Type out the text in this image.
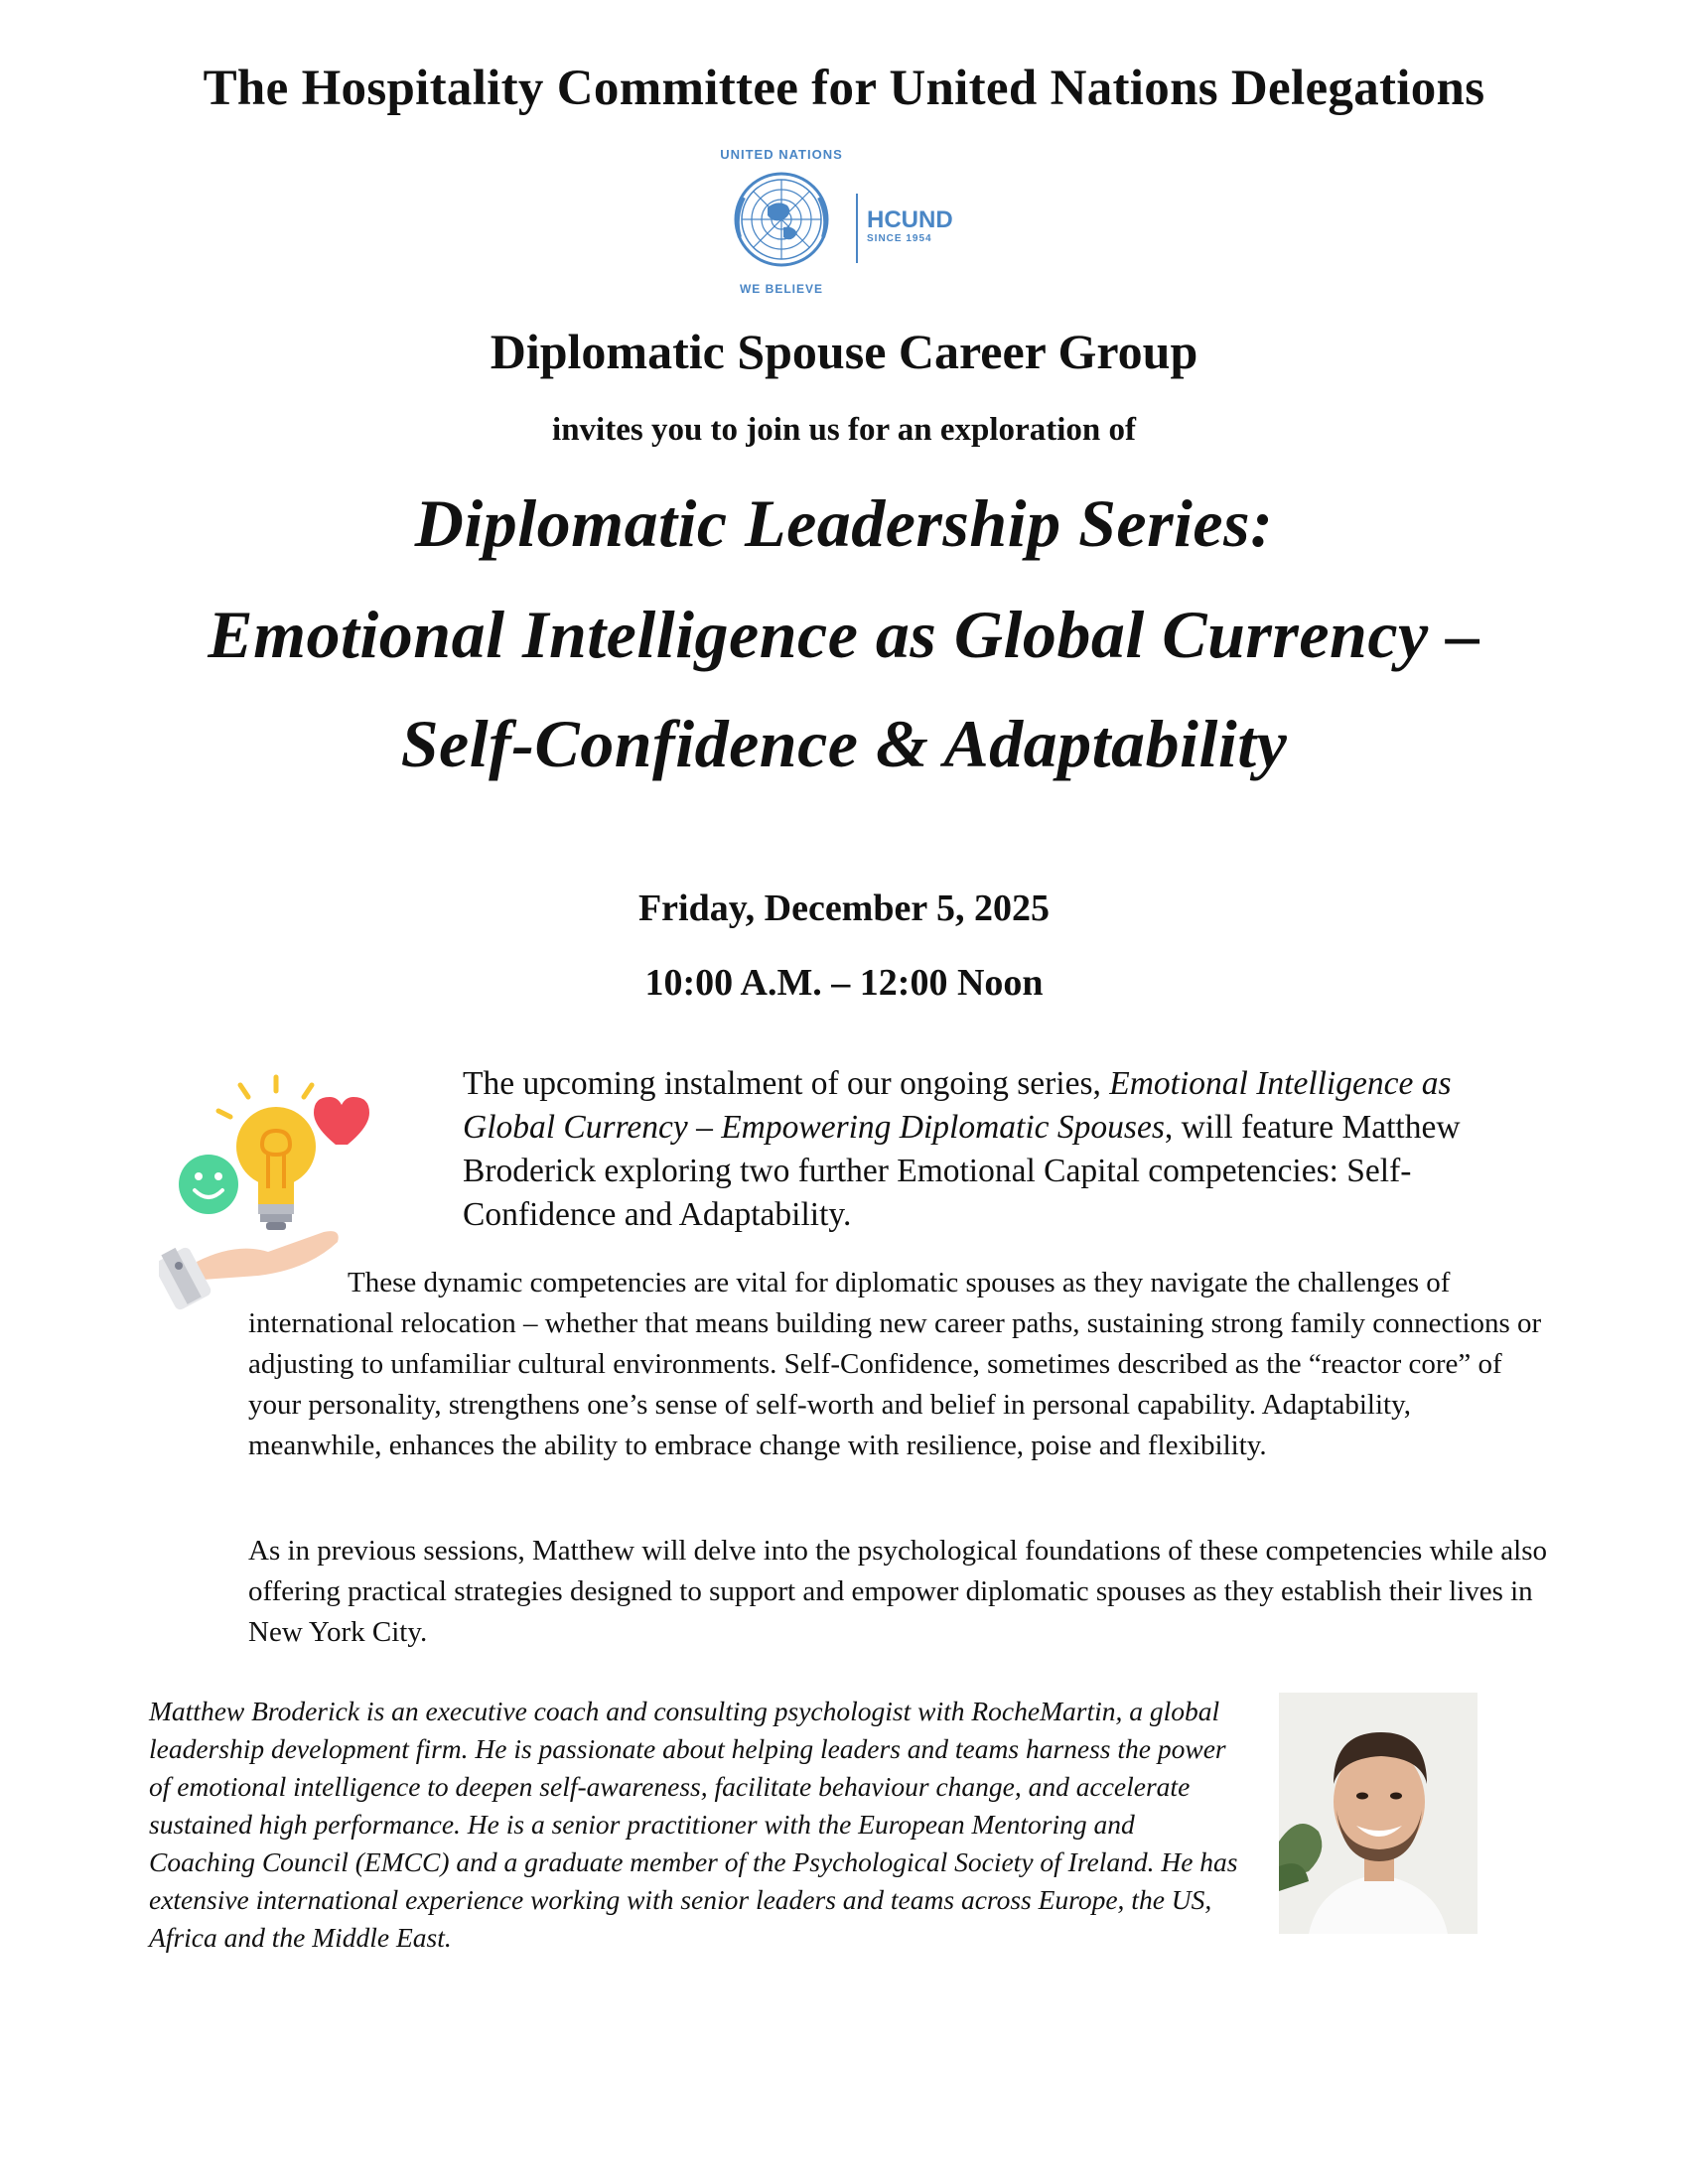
The Hospitality Committee for United Nations Delegations
UNITED NATIONS
WE BELIEVE
HCUND
SINCE 1954
Diplomatic Spouse Career Group
invites you to join us for an exploration of
Diplomatic Leadership Series:
Emotional Intelligence as Global Currency –
Self-Confidence & Adaptability
Friday, December 5, 2025
10:00 A.M. – 12:00 Noon
The upcoming instalment of our ongoing series, Emotional Intelligence as Global Currency – Empowering Diplomatic Spouses, will feature Matthew Broderick exploring two further Emotional Capital competencies: Self-Confidence and Adaptability.
These dynamic competencies are vital for diplomatic spouses as they navigate the challenges of international relocation – whether that means building new career paths, sustaining strong family connections or adjusting to unfamiliar cultural environments. Self-Confidence, sometimes described as the “reactor core” of your personality, strengthens one’s sense of self-worth and belief in personal capability. Adaptability, meanwhile, enhances the ability to embrace change with resilience, poise and flexibility.
As in previous sessions, Matthew will delve into the psychological foundations of these competencies while also offering practical strategies designed to support and empower diplomatic spouses as they establish their lives in New York City.
Matthew Broderick is an executive coach and consulting psychologist with RocheMartin, a global leadership development firm. He is passionate about helping leaders and teams harness the power of emotional intelligence to deepen self-awareness, facilitate behaviour change, and accelerate sustained high performance. He is a senior practitioner with the European Mentoring and Coaching Council (EMCC) and a graduate member of the Psychological Society of Ireland. He has extensive international experience working with senior leaders and teams across Europe, the US, Africa and the Middle East.
